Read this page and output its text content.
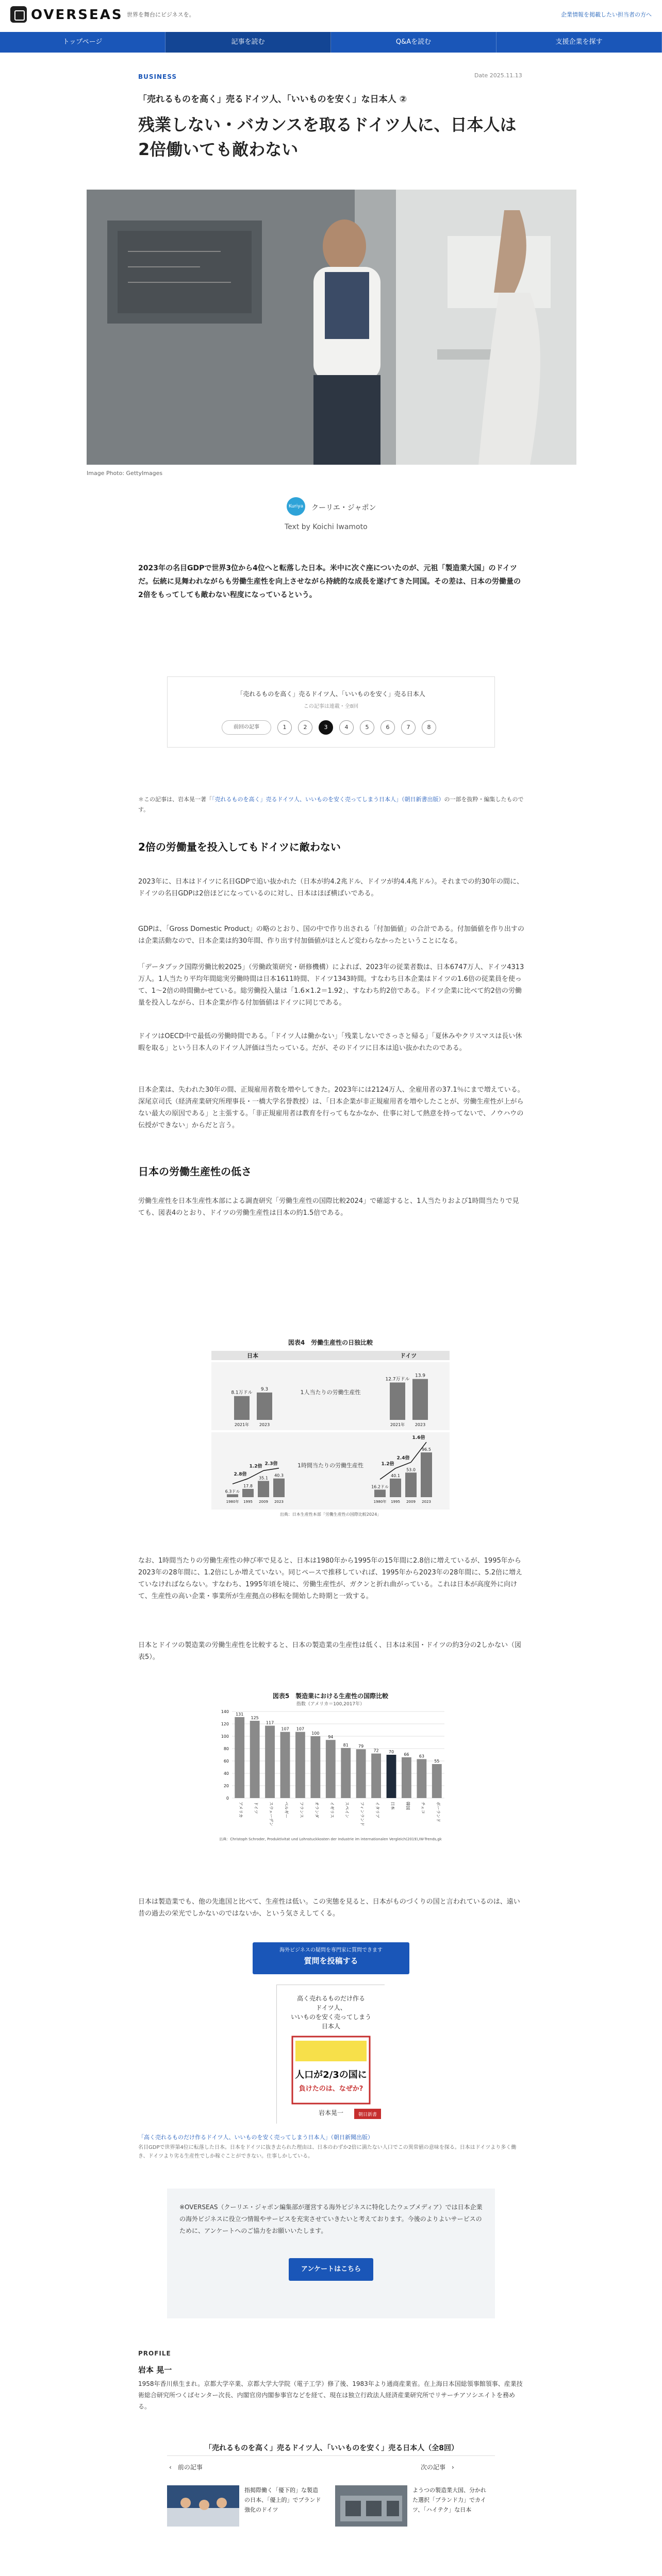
OVERSEAS 世界を舞台にビジネスを。	企業情報を掲載したい担当者の方へ
トップページ	記事を読む	Q&Aを読む	支援企業を探す
BUSINESS	Date 2025.11.13
「売れるものを高く」売るドイツ人、「いいものを安く」な日本人 ②
残業しない・バカンスを取るドイツ人に、日本人は2倍働いても敵わない
Image Photo: GettyImages
Kuriya クーリエ・ジャポン
Text by Koichi Iwamoto
2023年の名目GDPで世界3位から4位へと転落した日本。米中に次ぐ座についたのが、元祖「製造業大国」のドイツだ。伝統に見舞われながらも労働生産性を向上させながら持続的な成長を遂げてきた同国。その差は、日本の労働量の2倍をもってしても敵わない程度になっているという。
「売れるものを高く」売るドイツ人、「いいものを安く」売る日本人
この記事は連載・全8回
前回の記事	1	2	3	4	5	6	7	8
＊この記事は、岩本晃一著「「売れるものを高く」売るドイツ人、いいものを安く売ってしまう日本人」（朝日新書出版）の一部を抜粋・編集したものです。
2倍の労働量を投入してもドイツに敵わない
2023年に、日本はドイツに名目GDPで追い抜かれた（日本が約4.2兆ドル、ドイツが約4.4兆ドル）。それまでの約30年の間に、ドイツの名目GDPは2倍ほどになっているのに対し、日本はほぼ横ばいである。
GDPは、「Gross Domestic Product」の略のとおり、国の中で作り出される「付加価値」の合計である。付加価値を作り出すのは企業活動なので、日本企業は約30年間、作り出す付加価値がほとんど変わらなかったということになる。
「データブック国際労働比較2025」（労働政策研究・研修機構）によれば、2023年の従業者数は、日本6747万人、ドイツ4313万人。1人当たり平均年間総実労働時間は日本1611時間、ドイツ1343時間。すなわち日本企業はドイツの1.6倍の従業員を使って、1～2倍の時間働かせている。総労働投入量は「1.6×1.2＝1.92」、すなわち約2倍である。ドイツ企業に比べて約2倍の労働量を投入しながら、日本企業が作る付加価値はドイツに同じである。
ドイツはOECD中で最低の労働時間である。「ドイツ人は働かない」「残業しないでさっさと帰る」「夏休みやクリスマスは長い休暇を取る」という日本人のドイツ人評価は当たっている。だが、そのドイツに日本は追い抜かれたのである。
日本企業は、失われた30年の間、正規雇用者数を増やしてきた。2023年には2124万人、全雇用者の37.1％にまで増えている。深尾京司氏（経済産業研究所理事長・一橋大学名誉教授）は、「日本企業が非正規雇用者を増やしたことが、労働生産性が上がらない最大の原因である」と主張する。「非正規雇用者は教育を行ってもなかなか、仕事に対して熱意を持ってないで、ノウハウの伝授ができない」からだと言う。
日本の労働生産性の低さ
労働生産性を日本生産性本部による調査研究「労働生産性の国際比較2024」で確認すると、1人当たりおよび1時間当たりで見ても、図表4のとおり、ドイツの労働生産性は日本の約1.5倍である。
図表4　労働生産性の日独比較
日本	ドイツ
1人当たりの労働生産性
1時間当たりの労働生産性
8.1万ドル
2021年
9.3
2023
12.7万ドル
2021年
13.9
2023
6.3ドル
1980年
17.8
1995
35.1
2009
40.3
2023
2.8倍
1.2倍 2.3倍
16.2ドル
1980年
40.1
1995
53.0
2009
96.5
2023
1.2倍
2.4倍
1.6倍
出典：日本生産性本部「労働生産性の国際比較2024」
なお、1時間当たりの労働生産性の伸び率で見ると、日本は1980年から1995年の15年間に2.8倍に増えているが、1995年から2023年の28年間に、1.2倍にしか増えていない。同じペースで推移していれば、1995年から2023年の28年間に、5.2倍に増えていなければならない。すなわち、1995年頃を境に、労働生産性が、ガクンと折れ曲がっている。これは日本が高度外に向けて、生産性の高い企業・事業所が生産拠点の移転を開始した時期と一致する。
日本とドイツの製造業の労働生産性を比較すると、日本の製造業の生産性は低く、日本は米国・ドイツの約3分の2しかない（図表5）。
図表5　製造業における生産性の国際比較
指数（アメリカ＝100,2017年）
0
20
40
60
80
100
120
140
131
アメリカ
125
ドイツ
117
スウェーデン
107
ベルギー
107
フランス
100
オランダ
94
イギリス
81
スペイン
79
フィンランド
72
イタリア
70
日本
66
韓国
63
チェコ
55
ポーランド
出典：Christoph Schroder, Produktivitat und Lohnstuckkosten der Industrie im internationalen Vergleich(2019),IW-Trends,gk
日本は製造業でも、他の先進国と比べて、生産性は低い。この実態を見ると、日本がものづくりの国と言われているのは、遠い昔の過去の栄光でしかないのではないか、という気さえしてくる。
海外ビジネスの疑問を専門家に質問できます
質問を投稿する
高く売れるものだけ作る
ドイツ人、
いいものを安く売ってしまう
日本人
人口が2/3の国に
負けたのは、なぜか?
岩本晃一	朝日新書
「高く売れるものだけ作るドイツ人、いいものを安く売ってしまう日本人」（朝日新聞出版）
名目GDPで世界第4位に転落した日本。日本をドイツに抜き去られた理由は、日本のわずか2倍に満たない人口でこの異常値の意味を探る。日本はドイツより多く働き、ドイツより劣る生産性でしか稼ぐことができない。仕事しかしている。
※OVERSEAS（クーリエ・ジャポン編集部が運営する海外ビジネスに特化したウェブメディア）では日本企業の海外ビジネスに役立つ情報やサービスを充実させていきたいと考えております。今後のよりよいサービスのために、アンケートへのご協力をお願いいたします。
アンケートはこちら
PROFILE
岩本 晃一
1958年香川県生まれ。京都大学卒業、京都大学大学院（電子工学）修了後、1983年より通商産業省。在上海日本国総領事館領事、産業技術総合研究所つくばセンター次長、内閣官房内閣参事官などを経て、現在は独立行政法人経済産業研究所でリサーチアソシエイトを務める。
「売れるものを高く」売るドイツ人、「いいものを安く」売る日本人（全8回）
‹　前の記事	次の記事　›
指掲際働く「優下的」な製造の日本、「優上的」でブランド強化のドイツ
ようつの製造業大国、分かれた選択「ブランド力」でカイツ、「ハイテク」な日本
